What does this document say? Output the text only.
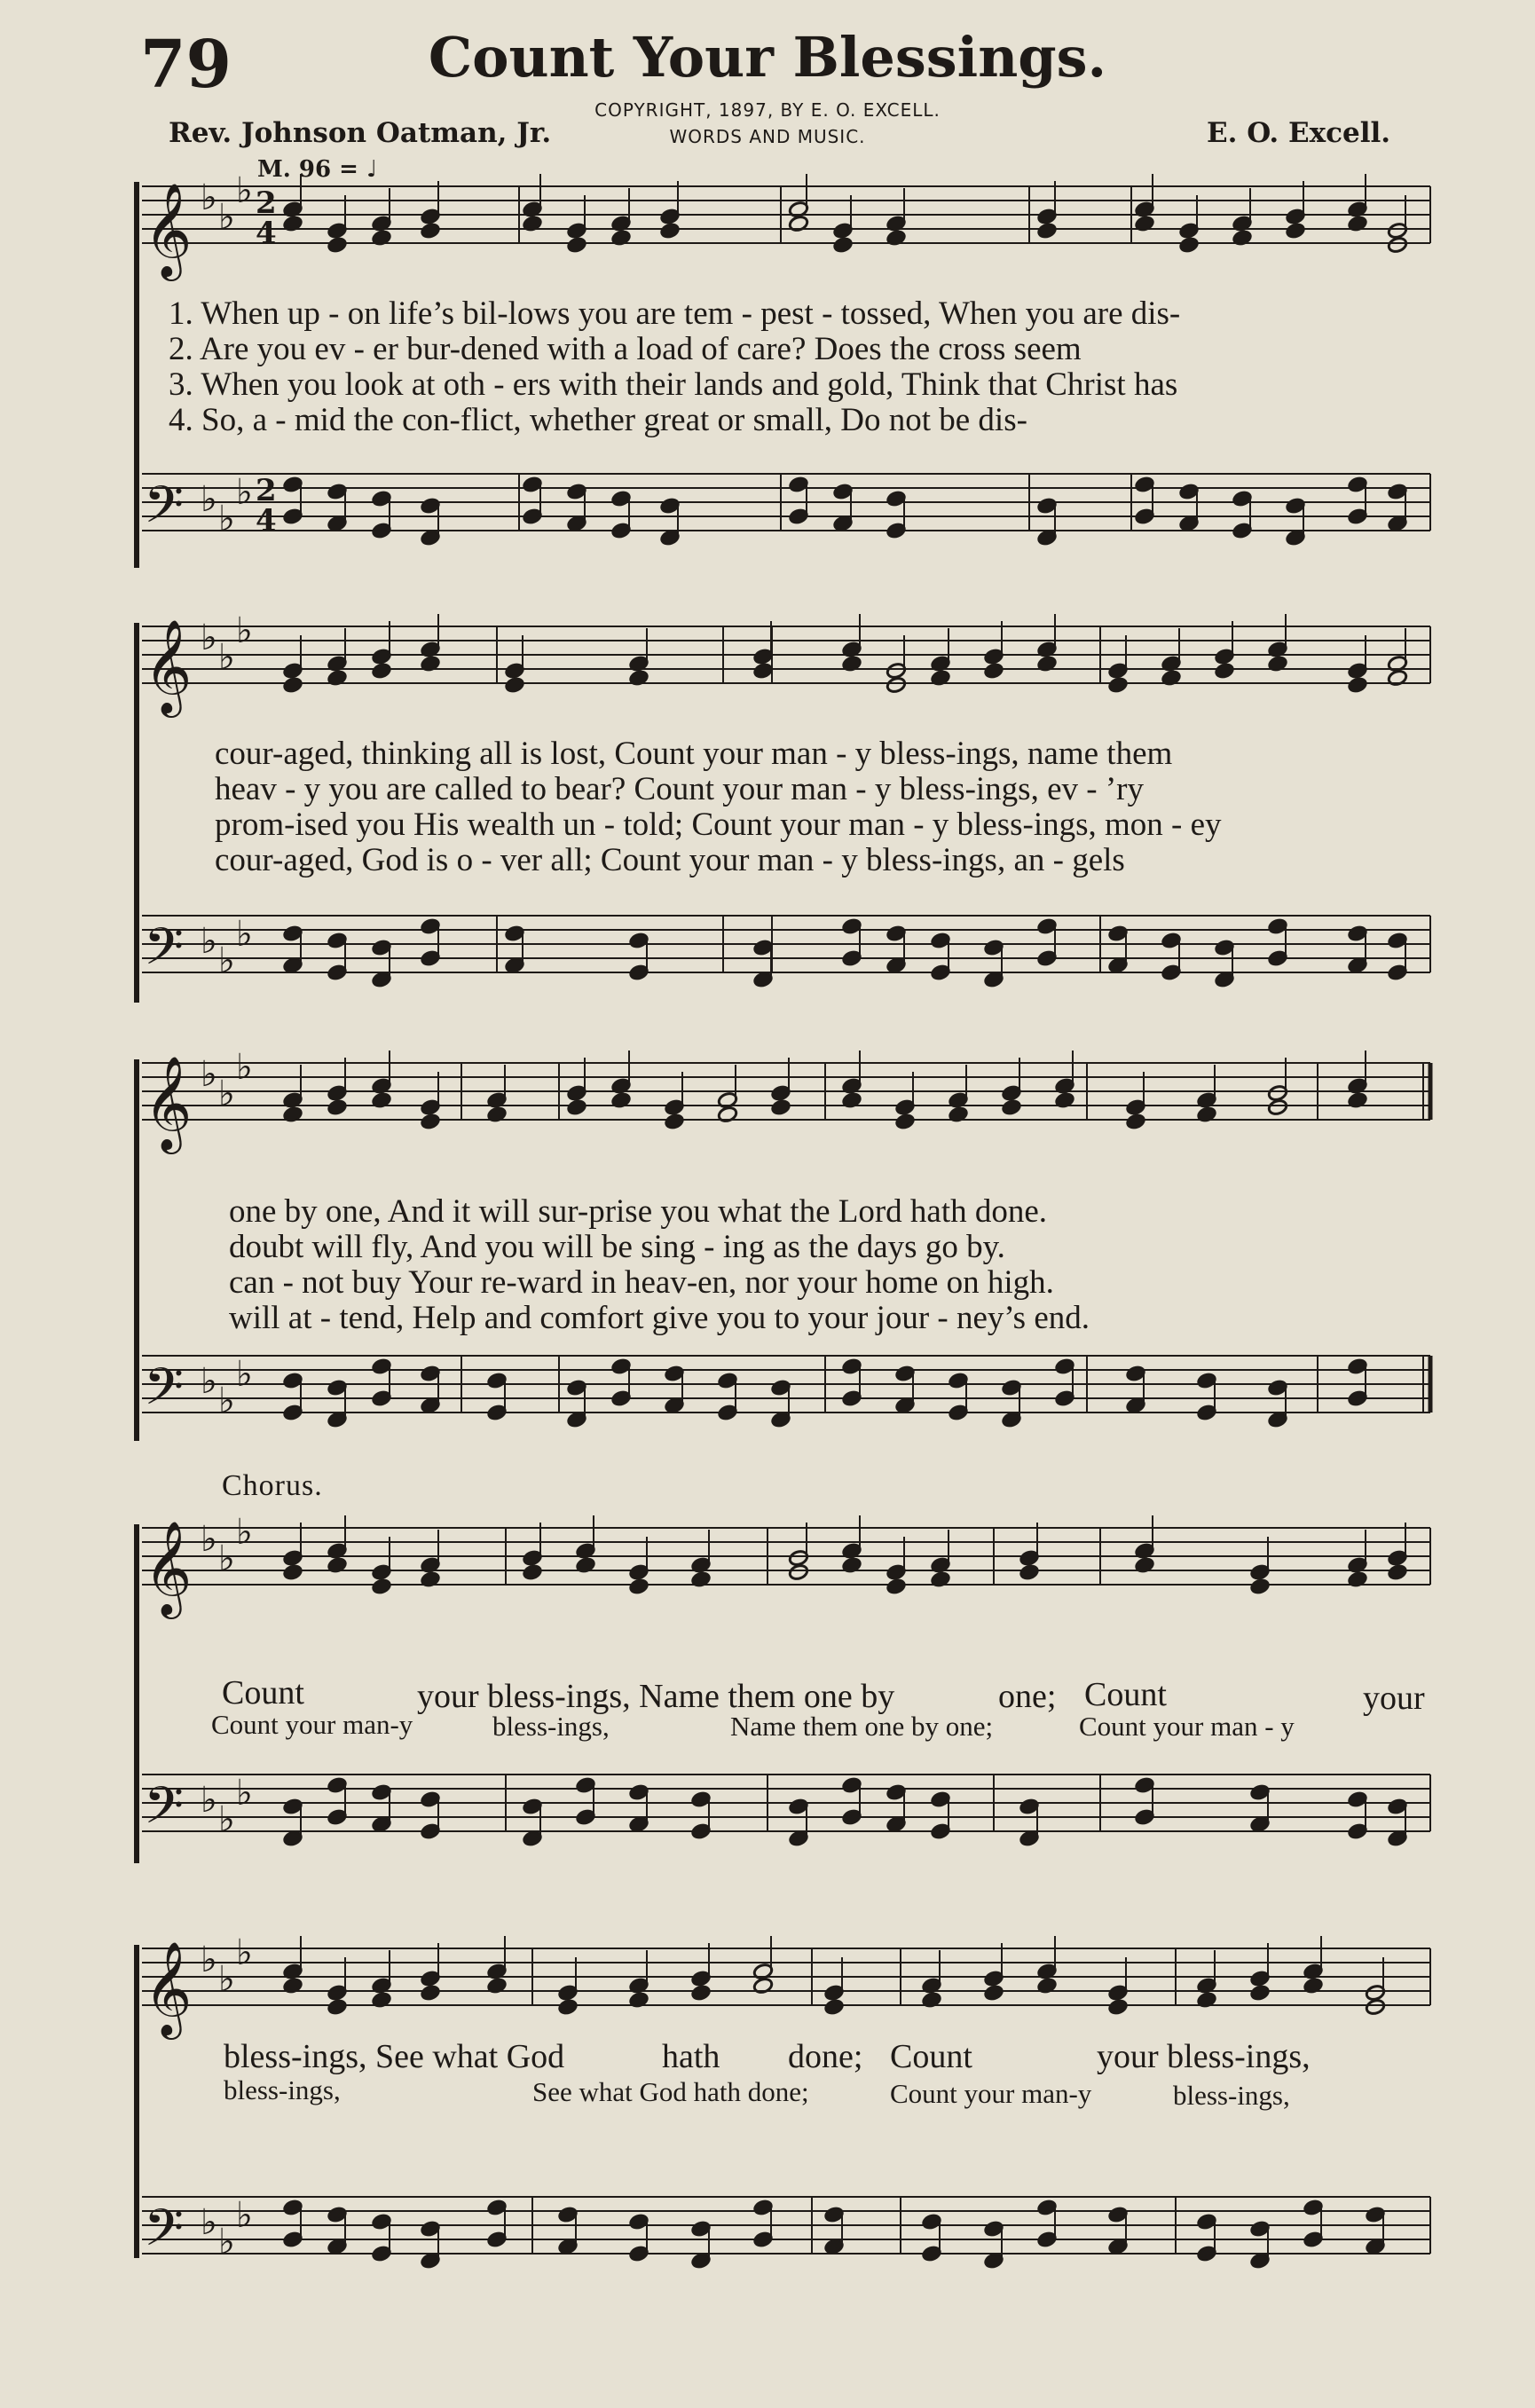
79	Count Your Blessings.
COPYRIGHT, 1897, BY E. O. EXCELL.
WORDS AND MUSIC.
Rev. Johnson Oatman, Jr.	E. O. Excell.
M. 96 = ♩
𝄞
𝄢
𝄞
𝄢
𝄞
𝄢
𝄞
𝄢
𝄞
𝄢
♭ ♭
♭
♭ ♭
♭
♭ ♭
♭
♭ ♭
♭
♭ ♭
♭
♭ ♭
♭
♭ ♭
♭
♭ ♭
♭
♭ ♭
♭
♭ ♭
♭
2
4
2
4
1. When up - on life’s bil-lows you are tem - pest - tossed, When you are dis-
2. Are you ev - er bur-dened with a load of care? Does the cross seem
3. When you look at oth - ers with their lands and gold, Think that Christ has
4. So, a - mid the con-flict, whether great or small, Do not be dis-
cour-aged, thinking all is lost, Count your man - y bless-ings, name them
heav - y you are called to bear? Count your man - y bless-ings, ev - ’ry
prom-ised you His wealth un - told; Count your man - y bless-ings, mon - ey
cour-aged, God is o - ver all; Count your man - y bless-ings, an - gels
one by one, And it will sur-prise you what the Lord hath done.
doubt will fly, And you will be sing - ing as the days go by.
can - not buy Your re-ward in heav-en, nor your home on high.
will at - tend, Help and comfort give you to your jour - ney’s end.
Chorus.
Count	your bless-ings, Name them one by	one; Count	your
Count your man-y	bless-ings,	Name them one by one;	Count your man - y
bless-ings, See what God	hath done; Count	your bless-ings,
bless-ings,	See what God hath done;	Count your man-y	bless-ings,
